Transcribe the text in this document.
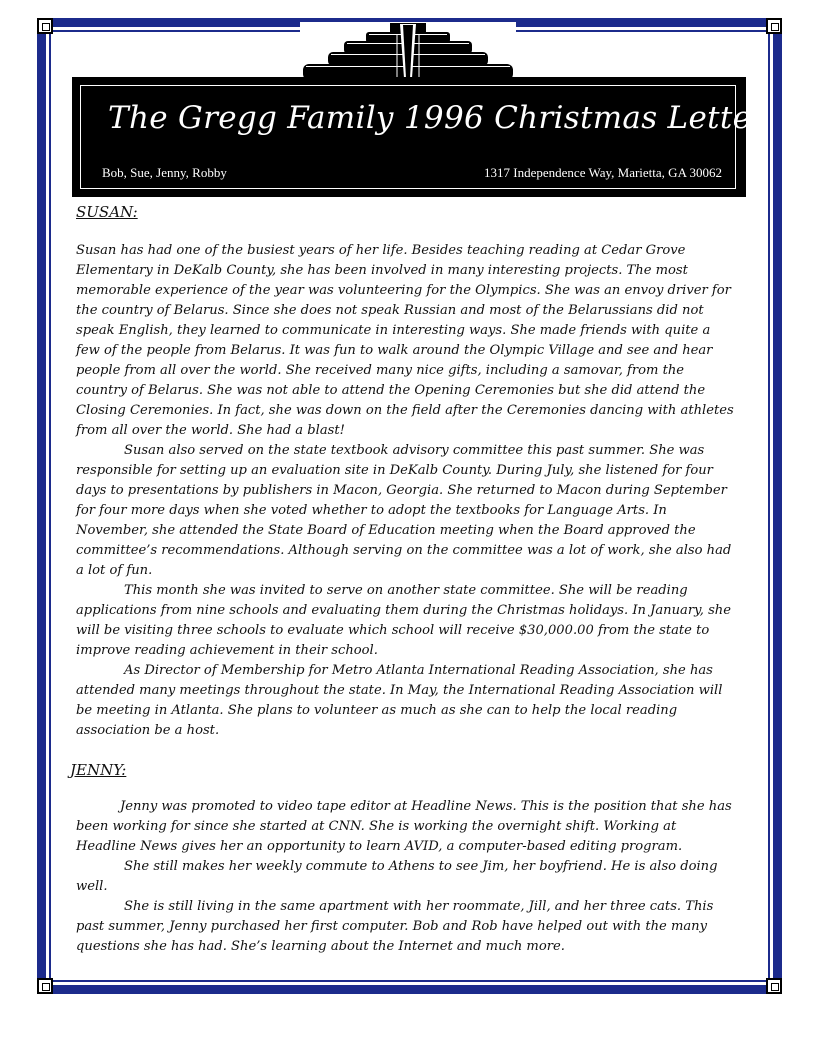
The Gregg Family 1996 Christmas Letter
Bob, Sue, Jenny, Robby	1317 Independence Way, Marietta, GA 30062
SUSAN:

Susan has had one of the busiest years of her life. Besides teaching reading at Cedar Grove Elementary in DeKalb County, she has been involved in many interesting projects. The most memorable experience of the year was volunteering for the Olympics. She was an envoy driver for the country of Belarus. Since she does not speak Russian and most of the Belarussians did not speak English, they learned to communicate in interesting ways. She made friends with quite a few of the people from Belarus. It was fun to walk around the Olympic Village and see and hear people from all over the world. She received many nice gifts, including a samovar, from the country of Belarus. She was not able to attend the Opening Ceremonies but she did attend the Closing Ceremonies. In fact, she was down on the field after the Ceremonies dancing with athletes from all over the world. She had a blast!

Susan also served on the state textbook advisory committee this past summer. She was responsible for setting up an evaluation site in DeKalb County. During July, she listened for four days to presentations by publishers in Macon, Georgia. She returned to Macon during September for four more days when she voted whether to adopt the textbooks for Language Arts. In November, she attended the State Board of Education meeting when the Board approved the committee’s recommendations. Although serving on the committee was a lot of work, she also had a lot of fun.

This month she was invited to serve on another state committee. She will be reading applications from nine schools and evaluating them during the Christmas holidays. In January, she will be visiting three schools to evaluate which school will receive $30,000.00 from the state to improve reading achievement in their school.

As Director of Membership for Metro Atlanta International Reading Association, she has attended many meetings throughout the state. In May, the International Reading Association will be meeting in Atlanta. She plans to volunteer as much as she can to help the local reading association be a host.

JENNY:

Jenny was promoted to video tape editor at Headline News. This is the position that she has been working for since she started at CNN. She is working the overnight shift. Working at Headline News gives her an opportunity to learn AVID, a computer-based editing program.

She still makes her weekly commute to Athens to see Jim, her boyfriend. He is also doing well.

She is still living in the same apartment with her roommate, Jill, and her three cats. This past summer, Jenny purchased her first computer. Bob and Rob have helped out with the many questions she has had. She’s learning about the Internet and much more.
